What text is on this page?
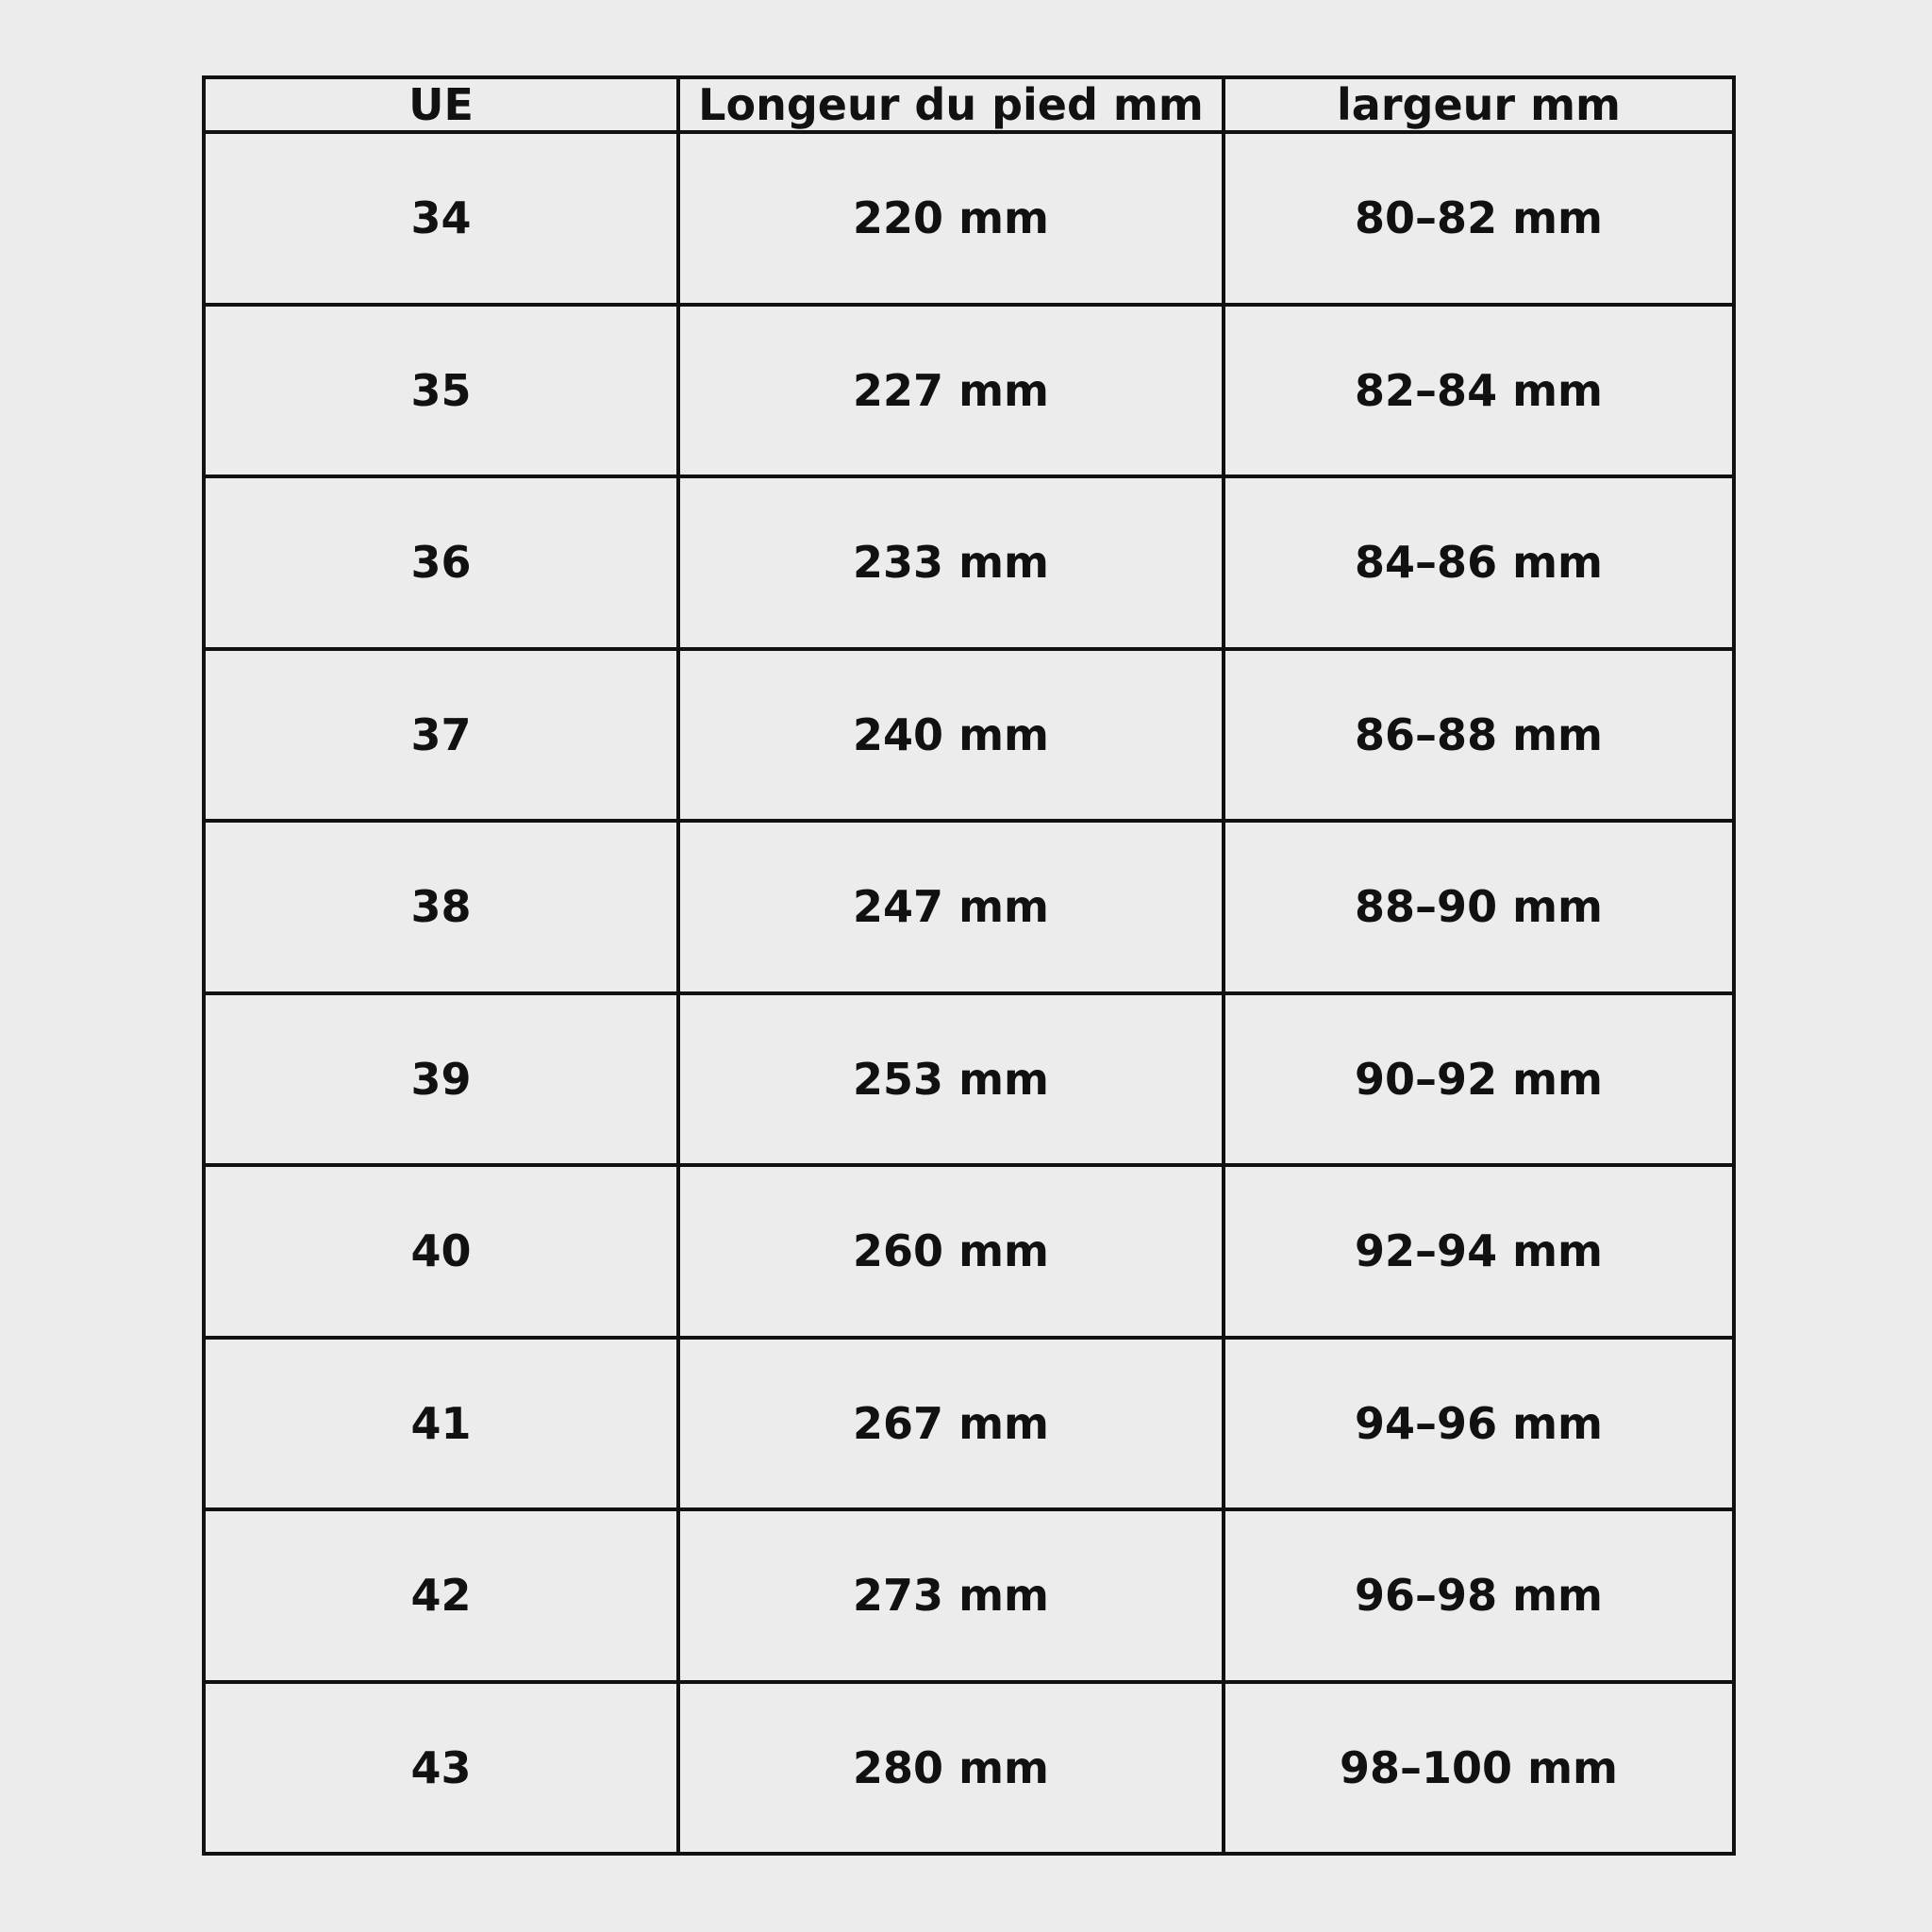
UE	Longeur du pied mm	largeur mm
34	220 mm	80–82 mm
35	227 mm	82–84 mm
36	233 mm	84–86 mm
37	240 mm	86–88 mm
38	247 mm	88–90 mm
39	253 mm	90–92 mm
40	260 mm	92–94 mm
41	267 mm	94–96 mm
42	273 mm	96–98 mm
43	280 mm	98–100 mm
